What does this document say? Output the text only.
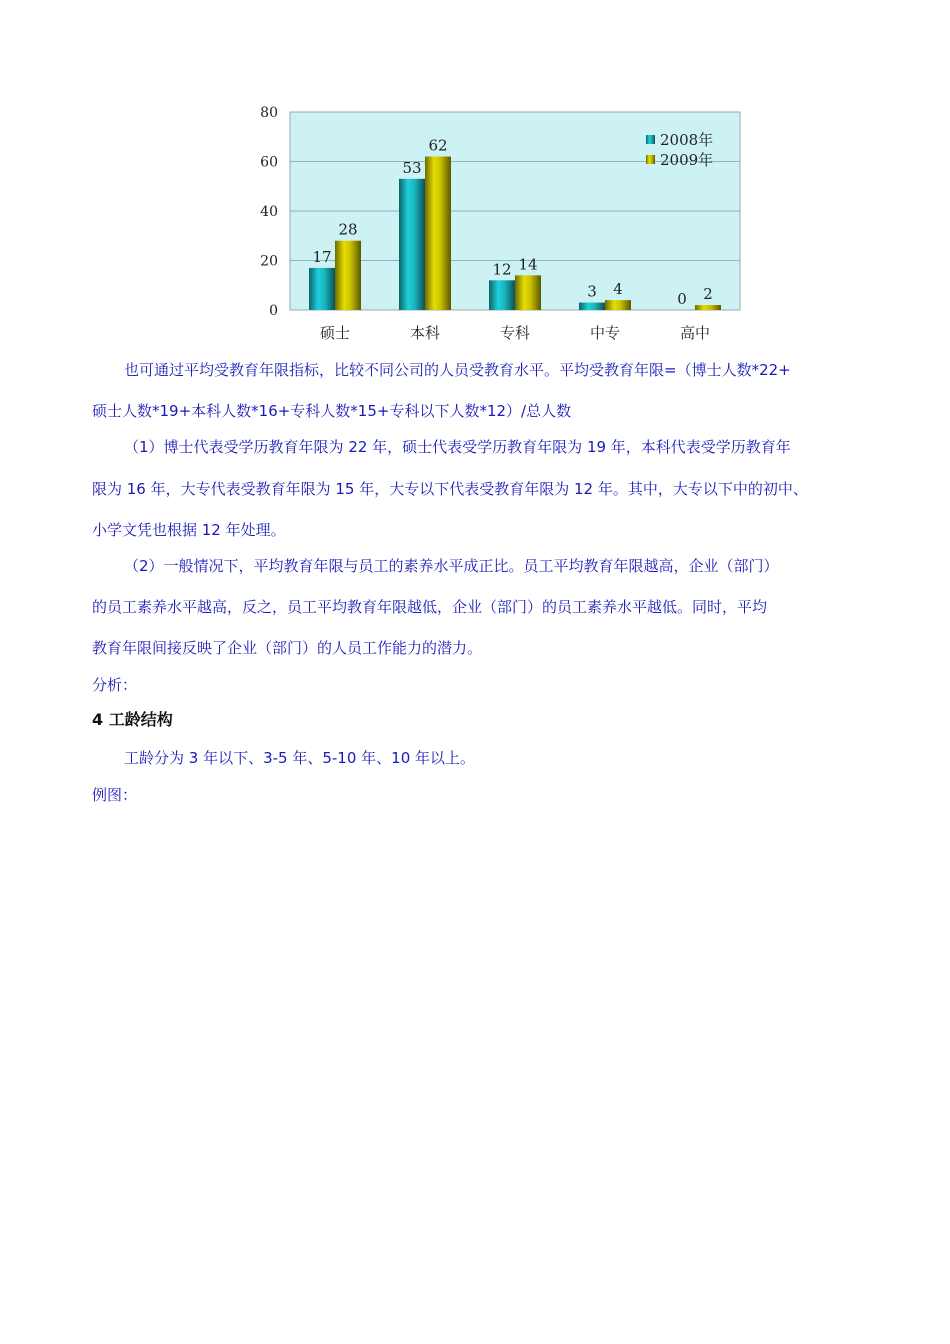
0
20
40
60
80
17
28
硕士
53
62
本科
12 14
专科
3 4
中专
0 2
高中
2008年
2009年

也可通过平均受教育年限指标，比较不同公司的人员受教育水平。平均受教育年限=（博士人数*22+

硕士人数*19+本科人数*16+专科人数*15+专科以下人数*12）/总人数

（1）博士代表受学历教育年限为 22 年，硕士代表受学历教育年限为 19 年，本科代表受学历教育年

限为 16 年，大专代表受教育年限为 15 年，大专以下代表受教育年限为 12 年。其中，大专以下中的初中、

小学文凭也根据 12 年处理。

（2）一般情况下，平均教育年限与员工的素养水平成正比。员工平均教育年限越高，企业（部门）

的员工素养水平越高，反之，员工平均教育年限越低，企业（部门）的员工素养水平越低。同时，平均

教育年限间接反映了企业（部门）的人员工作能力的潜力。

分析：

4 工龄结构

工龄分为 3 年以下、3-5 年、5-10 年、10 年以上。

例图：
